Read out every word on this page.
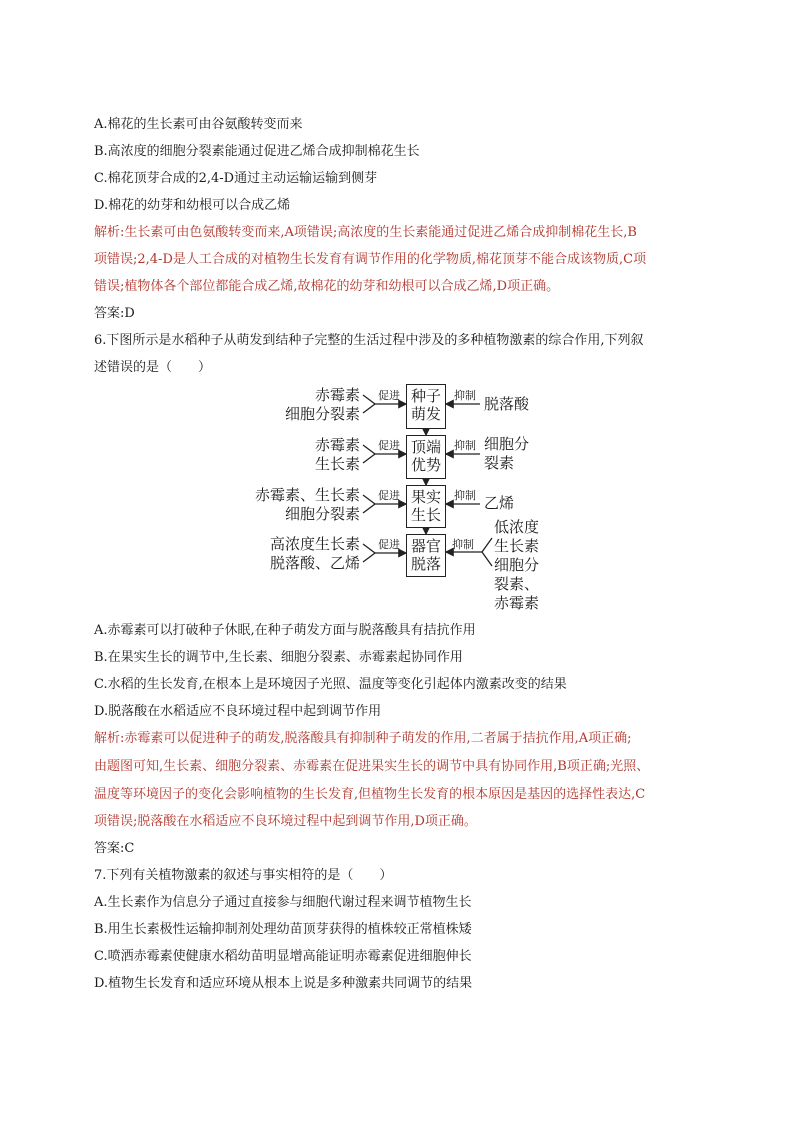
A.棉花的生长素可由谷氨酸转变而来
B.高浓度的细胞分裂素能通过促进乙烯合成抑制棉花生长
C.棉花顶芽合成的2,4-D通过主动运输运输到侧芽
D.棉花的幼芽和幼根可以合成乙烯
解析:生长素可由色氨酸转变而来,A项错误;高浓度的生长素能通过促进乙烯合成抑制棉花生长,B
项错误;2,4-D是人工合成的对植物生长发育有调节作用的化学物质,棉花顶芽不能合成该物质,C项
错误;植物体各个部位都能合成乙烯,故棉花的幼芽和幼根可以合成乙烯,D项正确。
答案:D
6.下图所示是水稻种子从萌发到结种子完整的生活过程中涉及的多种植物激素的综合作用,下列叙
述错误的是（　　）
促进	抑制
促进	抑制
促进	抑制
促进	抑制
种子
萌发
顶端
优势
果实
生长
器官
脱落
赤霉素
细胞分裂素
赤霉素
生长素
赤霉素、生长素
细胞分裂素
高浓度生长素
脱落酸、乙烯
脱落酸
细胞分
裂素
乙烯
低浓度
生长素
细胞分
裂素、
赤霉素
A.赤霉素可以打破种子休眠,在种子萌发方面与脱落酸具有拮抗作用
B.在果实生长的调节中,生长素、细胞分裂素、赤霉素起协同作用
C.水稻的生长发育,在根本上是环境因子光照、温度等变化引起体内激素改变的结果
D.脱落酸在水稻适应不良环境过程中起到调节作用
解析:赤霉素可以促进种子的萌发,脱落酸具有抑制种子萌发的作用,二者属于拮抗作用,A项正确;
由题图可知,生长素、细胞分裂素、赤霉素在促进果实生长的调节中具有协同作用,B项正确;光照、
温度等环境因子的变化会影响植物的生长发育,但植物生长发育的根本原因是基因的选择性表达,C
项错误;脱落酸在水稻适应不良环境过程中起到调节作用,D项正确。
答案:C
7.下列有关植物激素的叙述与事实相符的是（　　）
A.生长素作为信息分子通过直接参与细胞代谢过程来调节植物生长
B.用生长素极性运输抑制剂处理幼苗顶芽获得的植株较正常植株矮
C.喷洒赤霉素使健康水稻幼苗明显增高能证明赤霉素促进细胞伸长
D.植物生长发育和适应环境从根本上说是多种激素共同调节的结果
